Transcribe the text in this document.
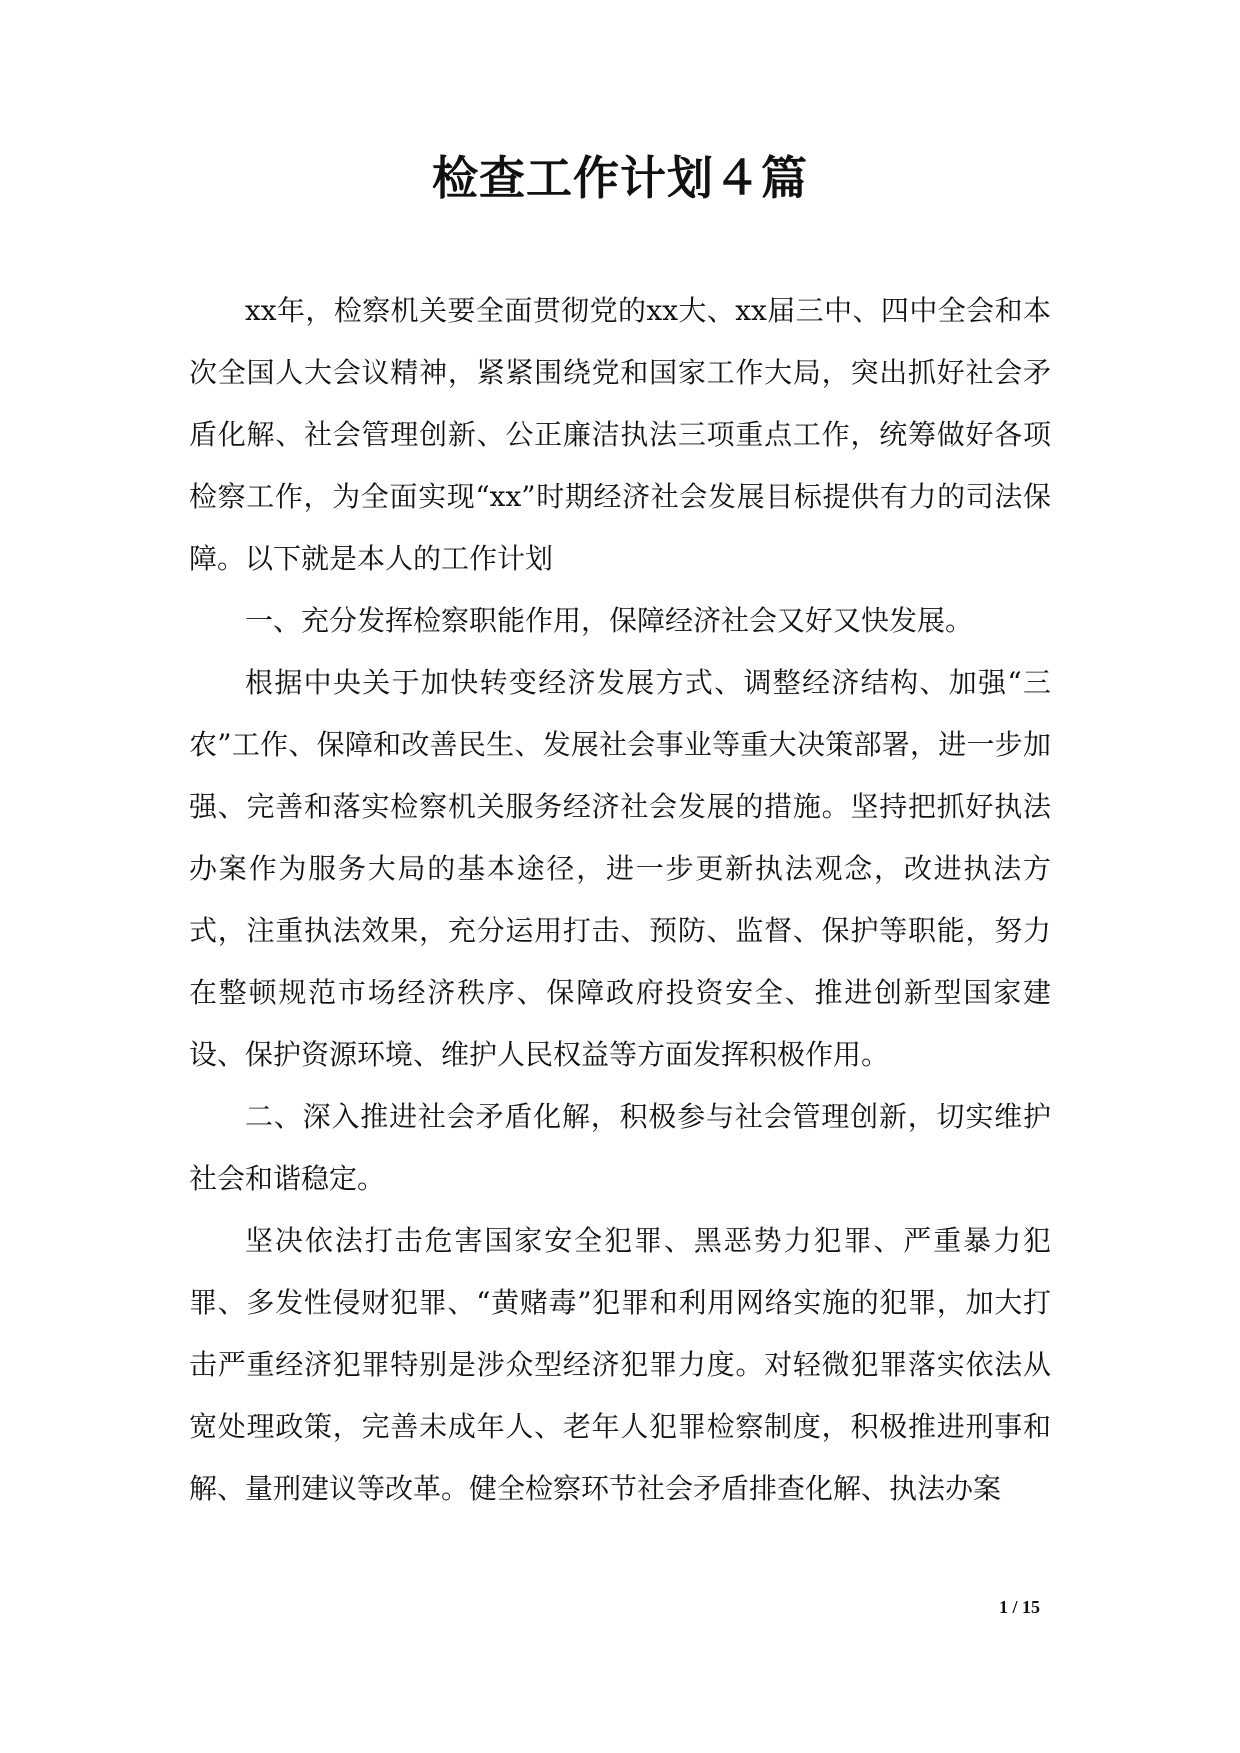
检查工作计划４篇

xx年，检察机关要全面贯彻党的xx大、xx届三中、四中全会和本次全国人大会议精神，紧紧围绕党和国家工作大局，突出抓好社会矛盾化解、社会管理创新、公正廉洁执法三项重点工作，统筹做好各项检察工作，为全面实现“xx”时期经济社会发展目标提供有力的司法保障。以下就是本人的工作计划

一、充分发挥检察职能作用，保障经济社会又好又快发展。

根据中央关于加快转变经济发展方式、调整经济结构、加强“三农”工作、保障和改善民生、发展社会事业等重大决策部署，进一步加强、完善和落实检察机关服务经济社会发展的措施。坚持把抓好执法办案作为服务大局的基本途径，进一步更新执法观念，改进执法方式，注重执法效果，充分运用打击、预防、监督、保护等职能，努力在整顿规范市场经济秩序、保障政府投资安全、推进创新型国家建设、保护资源环境、维护人民权益等方面发挥积极作用。

二、深入推进社会矛盾化解，积极参与社会管理创新，切实维护社会和谐稳定。

坚决依法打击危害国家安全犯罪、黑恶势力犯罪、严重暴力犯罪、多发性侵财犯罪、“黄赌毒”犯罪和利用网络实施的犯罪，加大打击严重经济犯罪特别是涉众型经济犯罪力度。对轻微犯罪落实依法从宽处理政策，完善未成年人、老年人犯罪检察制度，积极推进刑事和解、量刑建议等改革。健全检察环节社会矛盾排查化解、执法办案

1 / 15
